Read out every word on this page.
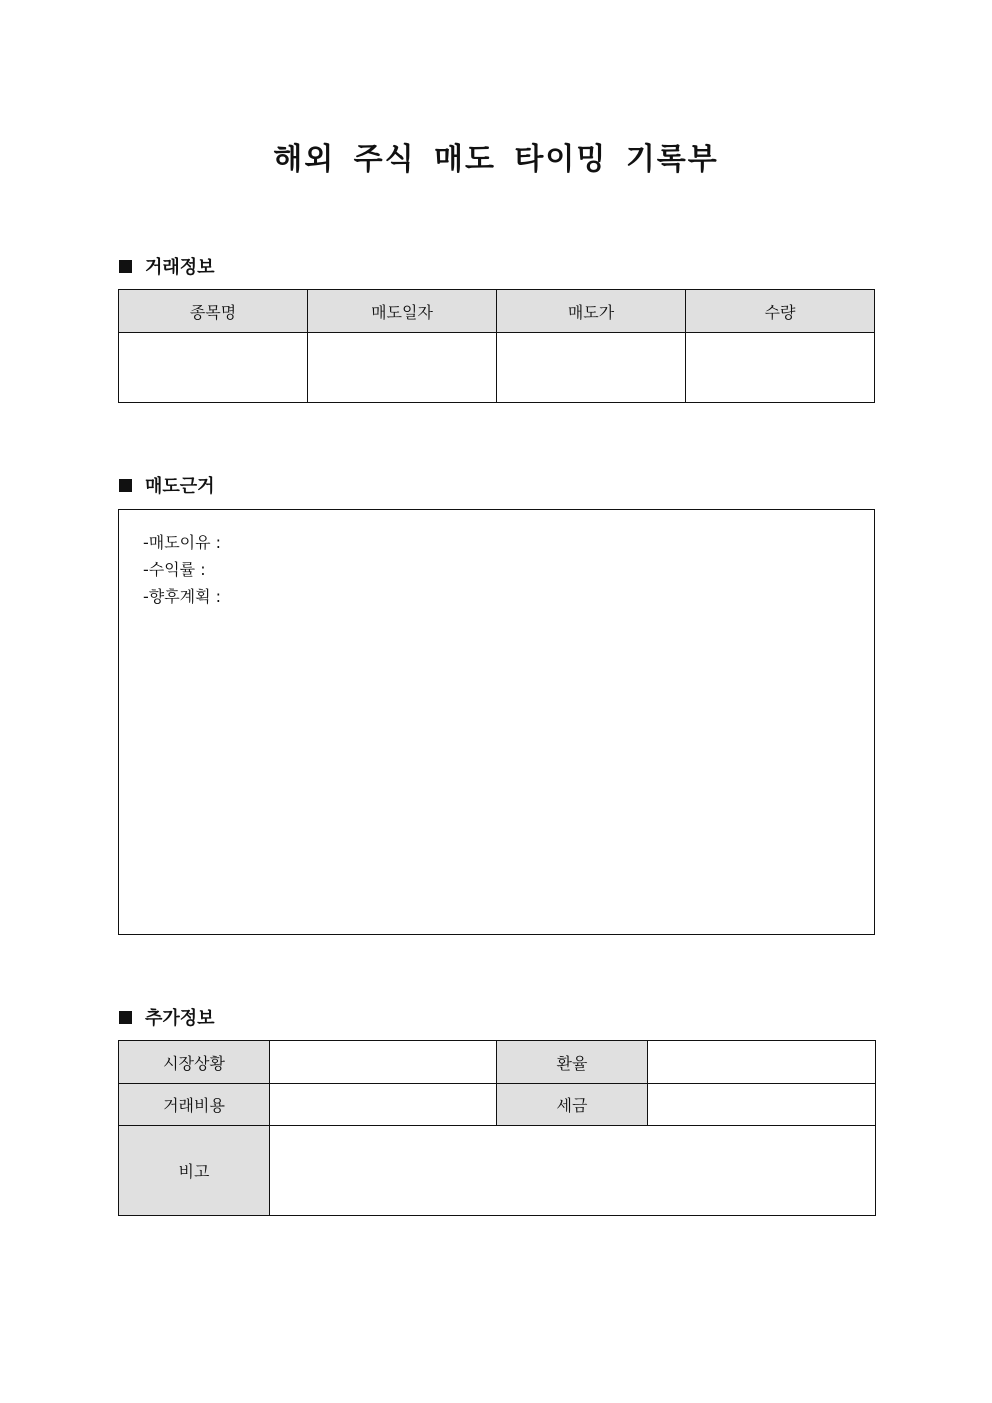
해외 주식 매도 타이밍 기록부
거래정보
종목명	매도일자	매도가	수량

매도근거
-매도이유 :
-수익률 :
-향후계획 :
추가정보
시장상황		환율	
거래비용		세금	
비고			
